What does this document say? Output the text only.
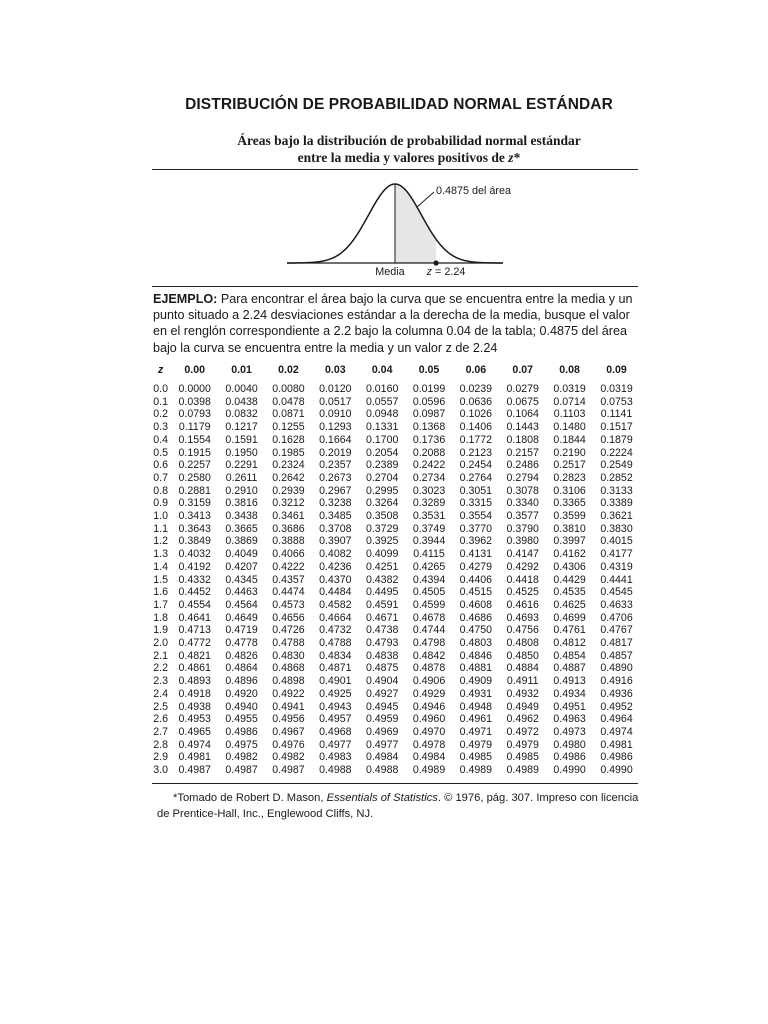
DISTRIBUCIÓN DE PROBABILIDAD NORMAL ESTÁNDAR
Áreas bajo la distribución de probabilidad normal estándar
entre la media y valores positivos de z*
0.4875 del área
Media z = 2.24
EJEMPLO: Para encontrar el área bajo la curva que se encuentra entre la media y un punto situado a 2.24 desviaciones estándar a la derecha de la media, busque el valor en el renglón correspondiente a 2.2 bajo la columna 0.04 de la tabla; 0.4875 del área bajo la curva se encuentra entre la media y un valor z de 2.24
z	0.00	0.01	0.02	0.03	0.04	0.05	0.06	0.07	0.08	0.09
0.0	0.0000	0.0040	0.0080	0.0120	0.0160	0.0199	0.0239	0.0279	0.0319	0.0319
0.1	0.0398	0.0438	0.0478	0.0517	0.0557	0.0596	0.0636	0.0675	0.0714	0.0753
0.2	0.0793	0.0832	0.0871	0.0910	0.0948	0.0987	0.1026	0.1064	0.1103	0.1141
0.3	0.1179	0.1217	0.1255	0.1293	0.1331	0.1368	0.1406	0.1443	0.1480	0.1517
0.4	0.1554	0.1591	0.1628	0.1664	0.1700	0.1736	0.1772	0.1808	0.1844	0.1879
0.5	0.1915	0.1950	0.1985	0.2019	0.2054	0.2088	0.2123	0.2157	0.2190	0.2224
0.6	0.2257	0.2291	0.2324	0.2357	0.2389	0.2422	0.2454	0.2486	0.2517	0.2549
0.7	0.2580	0.2611	0.2642	0.2673	0.2704	0.2734	0.2764	0.2794	0.2823	0.2852
0.8	0.2881	0.2910	0.2939	0.2967	0.2995	0.3023	0.3051	0.3078	0.3106	0.3133
0.9	0.3159	0.3816	0.3212	0.3238	0.3264	0.3289	0.3315	0.3340	0.3365	0.3389
1.0	0.3413	0.3438	0.3461	0.3485	0.3508	0.3531	0.3554	0.3577	0.3599	0.3621
1.1	0.3643	0.3665	0.3686	0.3708	0.3729	0.3749	0.3770	0.3790	0.3810	0.3830
1.2	0.3849	0.3869	0.3888	0.3907	0.3925	0.3944	0.3962	0.3980	0.3997	0.4015
1.3	0.4032	0.4049	0.4066	0.4082	0.4099	0.4115	0.4131	0.4147	0.4162	0.4177
1.4	0.4192	0.4207	0.4222	0.4236	0.4251	0.4265	0.4279	0.4292	0.4306	0.4319
1.5	0.4332	0.4345	0.4357	0.4370	0.4382	0.4394	0.4406	0.4418	0.4429	0.4441
1.6	0.4452	0.4463	0.4474	0.4484	0.4495	0.4505	0.4515	0.4525	0.4535	0.4545
1.7	0.4554	0.4564	0.4573	0.4582	0.4591	0.4599	0.4608	0.4616	0.4625	0.4633
1.8	0.4641	0.4649	0.4656	0.4664	0.4671	0.4678	0.4686	0.4693	0.4699	0.4706
1.9	0.4713	0.4719	0.4726	0.4732	0.4738	0.4744	0.4750	0.4756	0.4761	0.4767
2.0	0.4772	0.4778	0.4788	0.4788	0.4793	0.4798	0.4803	0.4808	0.4812	0.4817
2.1	0.4821	0.4826	0.4830	0.4834	0.4838	0.4842	0.4846	0.4850	0.4854	0.4857
2.2	0.4861	0.4864	0.4868	0.4871	0.4875	0.4878	0.4881	0.4884	0.4887	0.4890
2.3	0.4893	0.4896	0.4898	0.4901	0.4904	0.4906	0.4909	0.4911	0.4913	0.4916
2.4	0.4918	0.4920	0.4922	0.4925	0.4927	0.4929	0.4931	0.4932	0.4934	0.4936
2.5	0.4938	0.4940	0.4941	0.4943	0.4945	0.4946	0.4948	0.4949	0.4951	0.4952
2.6	0.4953	0.4955	0.4956	0.4957	0.4959	0.4960	0.4961	0.4962	0.4963	0.4964
2.7	0.4965	0.4986	0.4967	0.4968	0.4969	0.4970	0.4971	0.4972	0.4973	0.4974
2.8	0.4974	0.4975	0.4976	0.4977	0.4977	0.4978	0.4979	0.4979	0.4980	0.4981
2.9	0.4981	0.4982	0.4982	0.4983	0.4984	0.4984	0.4985	0.4985	0.4986	0.4986
3.0	0.4987	0.4987	0.4987	0.4988	0.4988	0.4989	0.4989	0.4989	0.4990	0.4990
*Tomado de Robert D. Mason, Essentials of Statistics. © 1976, pág. 307. Impreso con licencia
de Prentice-Hall, Inc., Englewood Cliffs, NJ.
